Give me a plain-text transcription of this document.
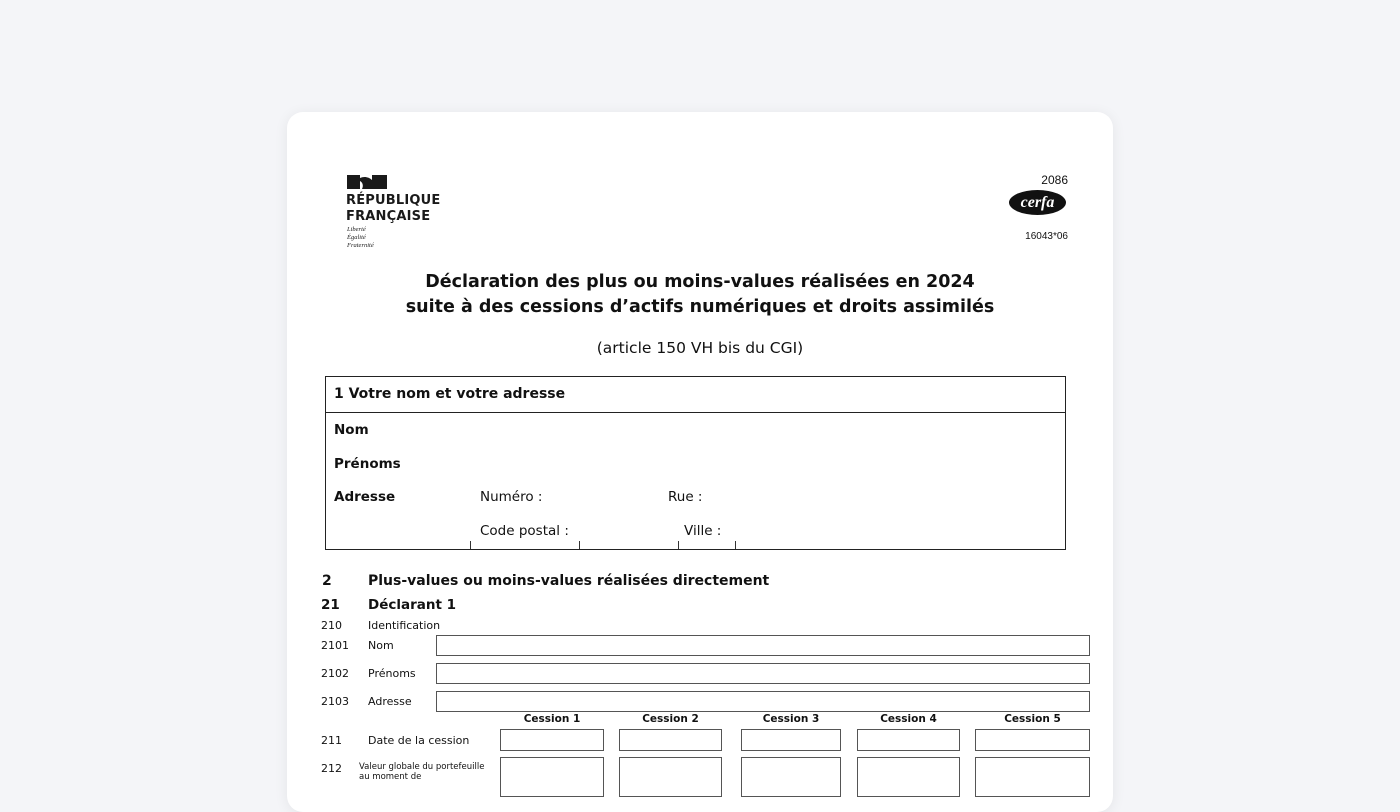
RÉPUBLIQUE FRANÇAISE
Liberté
Égalité
Fraternité
2086
cerfa
16043*06
Déclaration des plus ou moins-values réalisées en 2024
suite à des cessions d’actifs numériques et droits assimilés
(article 150 VH bis du CGI)
1 Votre nom et votre adresse
Nom
Prénoms
Adresse	Numéro :	Rue :
Code postal :	Ville :
2	Plus-values ou moins-values réalisées directement
21 Déclarant 1
210 Identification
2101 Nom
2102 Prénoms
2103 Adresse
Cession 1	Cession 2	Cession 3	Cession 4	Cession 5
211 Date de la cession
212 Valeur globale du portefeuille au moment de
